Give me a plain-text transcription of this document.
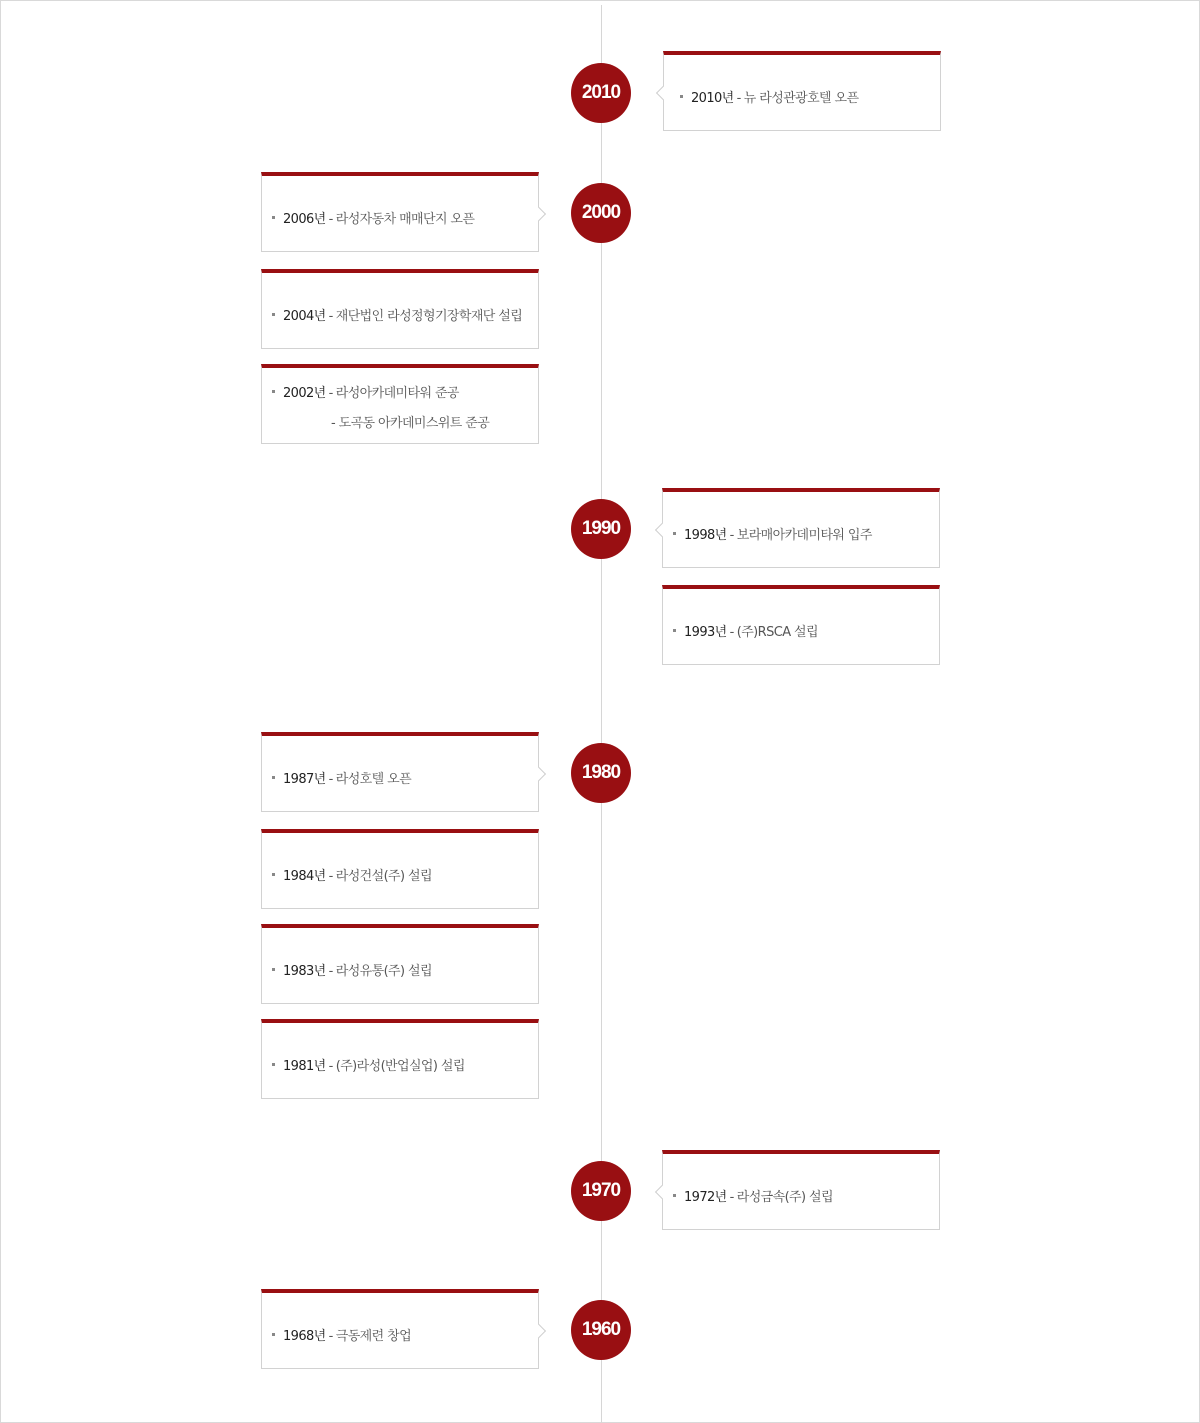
2010
2000
1990
1980
1970
1960
2010년 - 뉴 라성관광호텔 오픈
2006년 - 라성자동차 매매단지 오픈
2004년 - 재단법인 라성정형기장학재단 설립
2002년 - 라성아카데미타워 준공
- 도곡동 아카데미스위트 준공
1998년 - 보라매아카데미타워 입주
1993년 - (주)RSCA 설립
1987년 - 라성호텔 오픈
1984년 - 라성건설(주) 설립
1983년 - 라성유통(주) 설립
1981년 - (주)라성(반업실업) 설립
1972년 - 라성금속(주) 설립
1968년 - 극동제련 창업
